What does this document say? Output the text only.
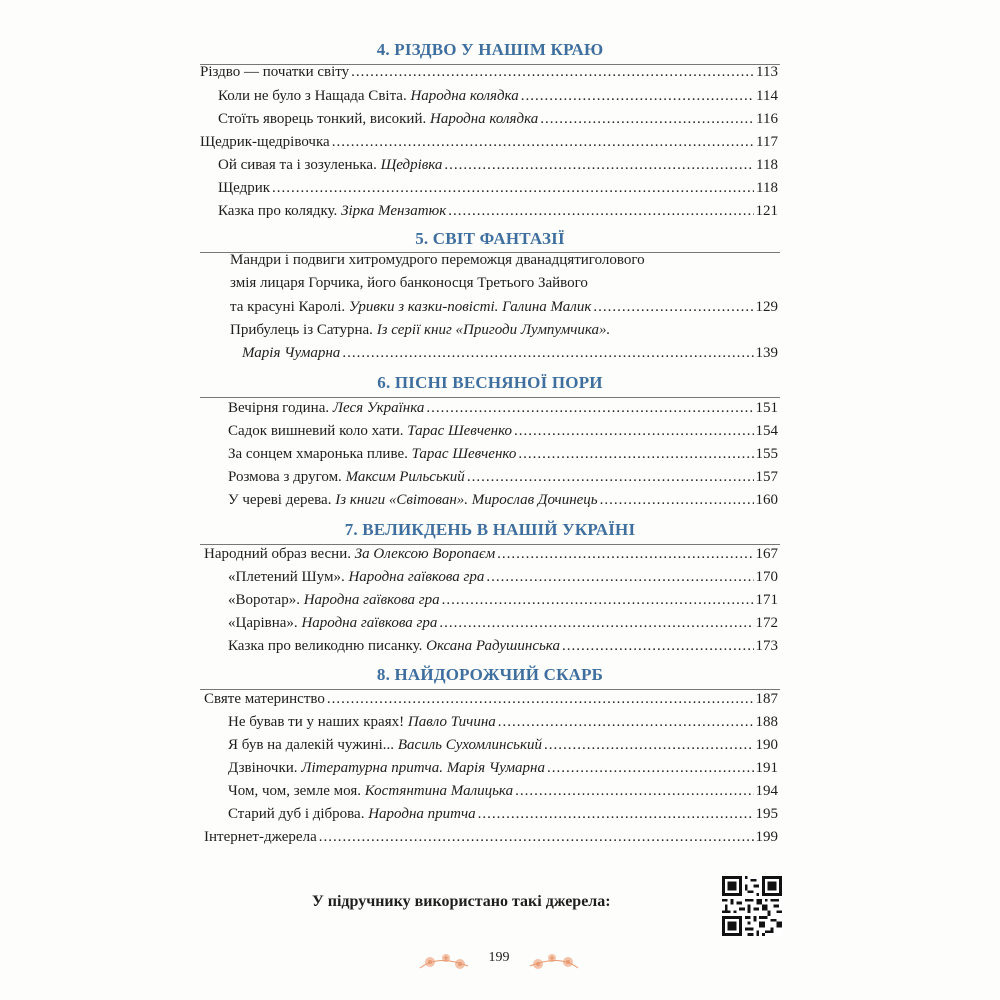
4. РІЗДВО У НАШІМ КРАЮ
Різдво — початки світу .....	113
Коли не було з Нащада Світа. Народна колядка .....	114
Стоїть яворець тонкий, високий. Народна колядка .....	116
Щедрик-щедрівочка .....	117
Ой сивая та і зозуленька. Щедрівка .....	118
Щедрик .....	118
Казка про колядку. Зірка Мензатюк .....	121
5. СВІТ ФАНТАЗІЇ
Мандри і подвиги хитромудрого переможця дванадцятиголового
змія лицаря Горчика, його банконосця Третього Зайвого
та красуні Каролі. Уривки з казки-повісті. Галина Малик .....	129
Прибулець із Сатурна. Із серії книг «Пригоди Лумпумчика».
Марія Чумарна .....	139
6. ПІСНІ ВЕСНЯНОЇ ПОРИ
Вечірня година. Леся Українка .....	151
Садок вишневий коло хати. Тарас Шевченко .....	154
За сонцем хмаронька пливе. Тарас Шевченко .....	155
Розмова з другом. Максим Рильський .....	157
У череві дерева. Із книги «Світован». Мирослав Дочинець .....	160
7. ВЕЛИКДЕНЬ В НАШІЙ УКРАЇНІ
Народний образ весни. За Олексою Воропаєм .....	167
«Плетений Шум». Народна гаївкова гра .....	170
«Воротар». Народна гаївкова гра .....	171
«Царівна». Народна гаївкова гра .....	172
Казка про великодню писанку. Оксана Радушинська .....	173
8. НАЙДОРОЖЧИЙ СКАРБ
Святе материнство .....	187
Не бував ти у наших краях! Павло Тичина .....	188
Я був на далекій чужині... Василь Сухомлинський .....	190
Дзвіночки. Літературна притча. Марія Чумарна .....	191
Чом, чом, земле моя. Костянтина Малицька .....	194
Старий дуб і діброва. Народна притча .....	195
Інтернет-джерела .....	199
У підручнику використано такі джерела:
199
